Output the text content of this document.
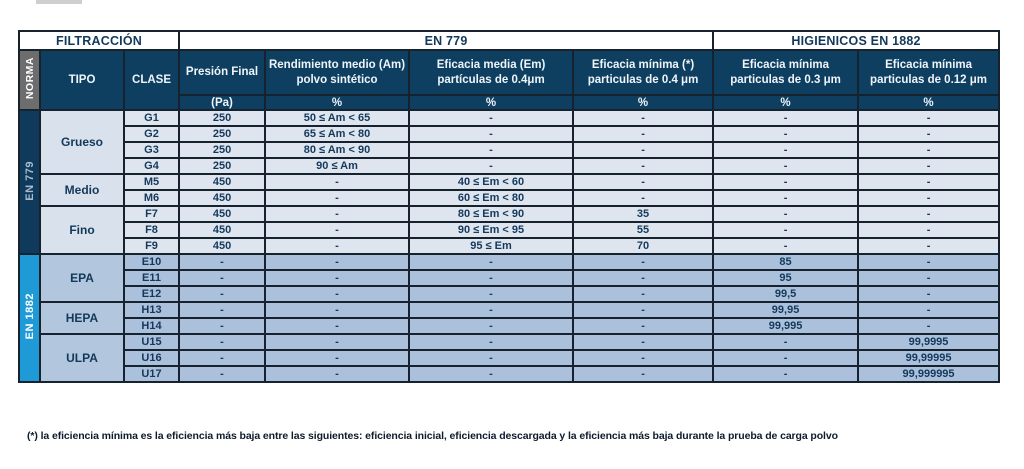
FILTRACCIÓN			EN 779				HIGIENICOS EN 1882	
NORMA	TIPO	CLASE	Presión Final	Rendimiento medio (Am) polvo sintético	Eficacia media (Em) partículas de 0.4μm	Eficacia mínima (*) particulas de 0.4 μm	Eficacia mínima particulas de 0.3 μm	Eficacia mínima particulas de 0.12 μm
			(Pa)	%	%	%	%	%
EN 779	Grueso	G1	250	50 ≤ Am < 65	-	-	-	-
		G2	250	65 ≤ Am < 80	-	-	-	-
		G3	250	80 ≤ Am < 90	-	-	-	-
		G4	250	90 ≤ Am	-	-	-	-
	Medio	M5	450	-	40 ≤ Em < 60	-	-	-
		M6	450	-	60 ≤ Em < 80	-	-	-
	Fino	F7	450	-	80 ≤ Em < 90	35	-	-
		F8	450	-	90 ≤ Em < 95	55	-	-
		F9	450	-	95 ≤ Em	70	-	-
EN 1882	EPA	E10	-	-	-	-	85	-
		E11	-	-	-	-	95	-
		E12	-	-	-	-	99,5	-
	HEPA	H13	-	-	-	-	99,95	-
		H14	-	-	-	-	99,995	-
	ULPA	U15	-	-	-	-	-	99,9995
		U16	-	-	-	-	-	99,99995
		U17	-	-	-	-	-	99,999995
(*) la eficiencia mínima es la eficiencia más baja entre las siguientes: eficiencia inicial, eficiencia descargada y la eficiencia más baja durante la prueba de carga polvo
